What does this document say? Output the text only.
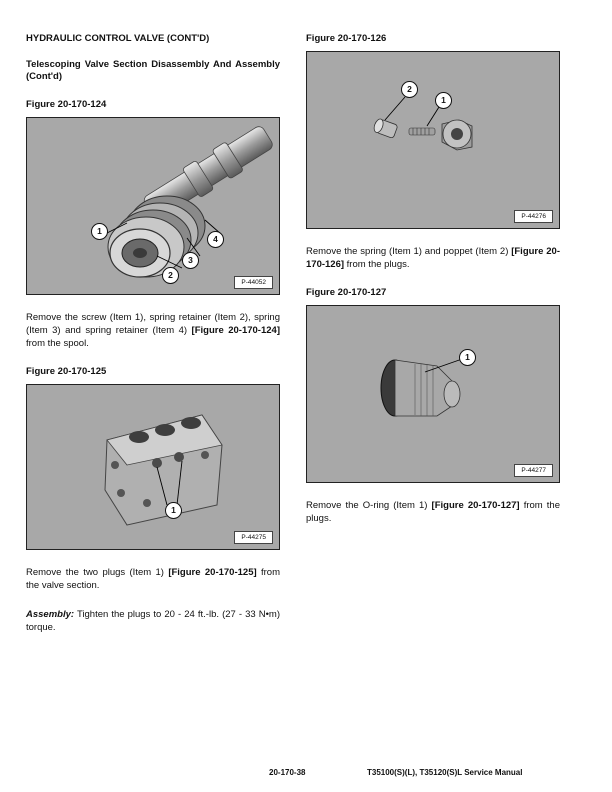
HYDRAULIC CONTROL VALVE (CONT'D)
Telescoping Valve Section Disassembly And Assembly (Cont'd)
Figure 20-170-124
1
2
3
4
P-44052
Remove the screw (Item 1), spring retainer (Item 2), spring (Item 3) and spring retainer (Item 4) [Figure 20-170-124] from the spool.
Figure 20-170-125
1
P-44275
Remove the two plugs (Item 1) [Figure 20-170-125] from the valve section.
Assembly: Tighten the plugs to 20 - 24 ft.-lb. (27 - 33 N•m) torque.
Figure 20-170-126
2
1
P-44276
Remove the spring (Item 1) and poppet (Item 2) [Figure 20-170-126] from the plugs.
Figure 20-170-127
1
P-44277
Remove the O-ring (Item 1) [Figure 20-170-127] from the plugs.
20-170-38	T35100(S)(L), T35120(S)L Service Manual
